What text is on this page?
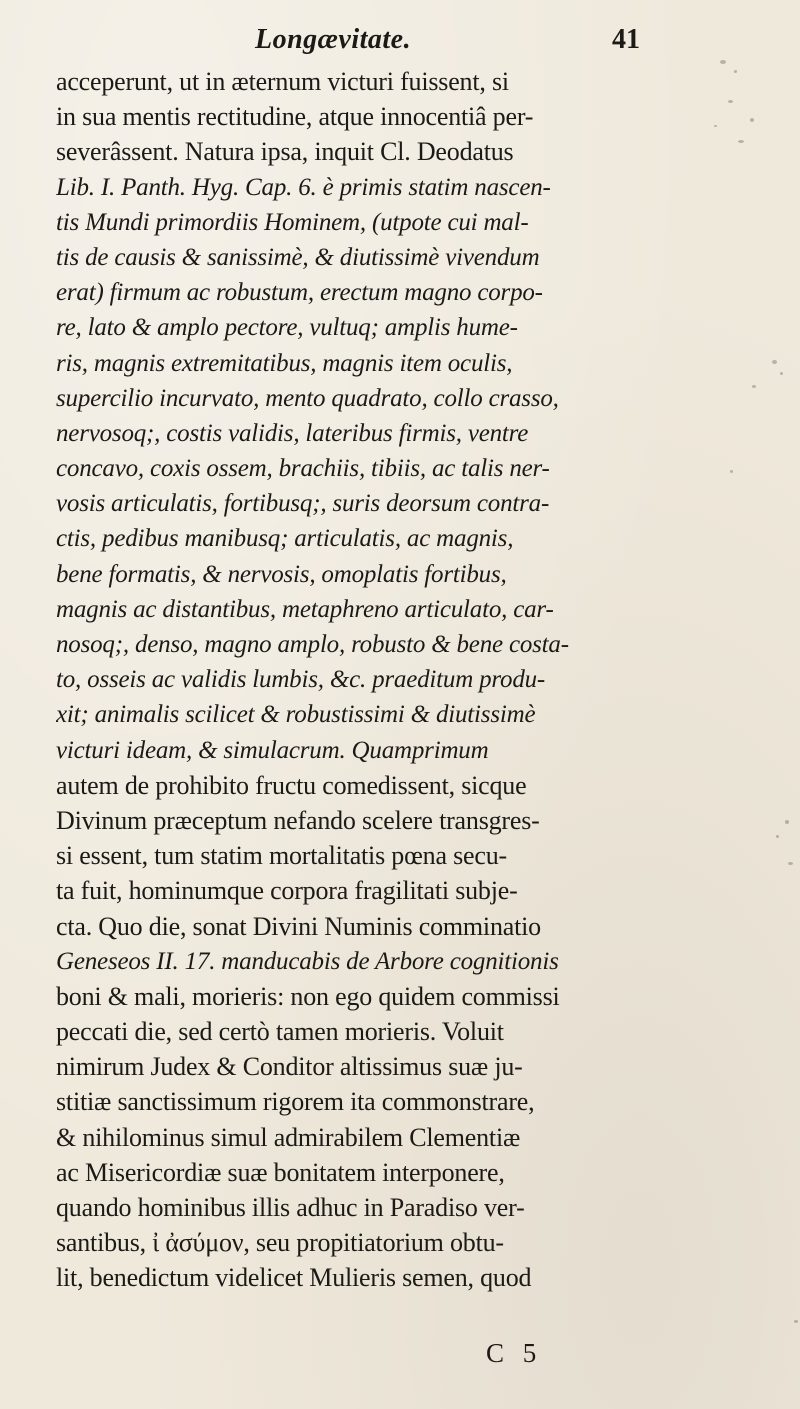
Longævitate.	41
acceperunt, ut in æternum victuri fuissent, si
in sua mentis rectitudine, atque innocentiâ per-
severâssent. Natura ipsa, inquit Cl. Deodatus
Lib. I. Panth. Hyg. Cap. 6. è primis statim nascen-
tis Mundi primordiis Hominem, (utpote cui mal-
tis de causis & sanissimè, & diutissimè vivendum
erat) firmum ac robustum, erectum magno corpo-
re, lato & amplo pectore, vultuq; amplis hume-
ris, magnis extremitatibus, magnis item oculis,
supercilio incurvato, mento quadrato, collo crasso,
nervosoq;, costis validis, lateribus firmis, ventre
concavo, coxis ossem, brachiis, tibiis, ac talis ner-
vosis articulatis, fortibusq;, suris deorsum contra-
ctis, pedibus manibusq; articulatis, ac magnis,
bene formatis, & nervosis, omoplatis fortibus,
magnis ac distantibus, metaphreno articulato, car-
nosoq;, denso, magno amplo, robusto & bene costa-
to, osseis ac validis lumbis, &c. praeditum produ-
xit; animalis scilicet & robustissimi & diutissimè
victuri ideam, & simulacrum. Quamprimum
autem de prohibito fructu comedissent, sicque
Divinum præceptum nefando scelere transgres-
si essent, tum statim mortalitatis pœna secu-
ta fuit, hominumque corpora fragilitati subje-
cta. Quo die, sonat Divini Numinis comminatio
Geneseos II. 17. manducabis de Arbore cognitionis
boni & mali, morieris: non ego quidem commissi
peccati die, sed certò tamen morieris. Voluit
nimirum Judex & Conditor altissimus suæ ju-
stitiæ sanctissimum rigorem ita commonstrare,
& nihilominus simul admirabilem Clementiæ
ac Misericordiæ suæ bonitatem interponere,
quando hominibus illis adhuc in Paradiso ver-
santibus, ἰ ἀσύμον, seu propitiatorium obtu-
lit, benedictum videlicet Mulieris semen, quod
C 5
